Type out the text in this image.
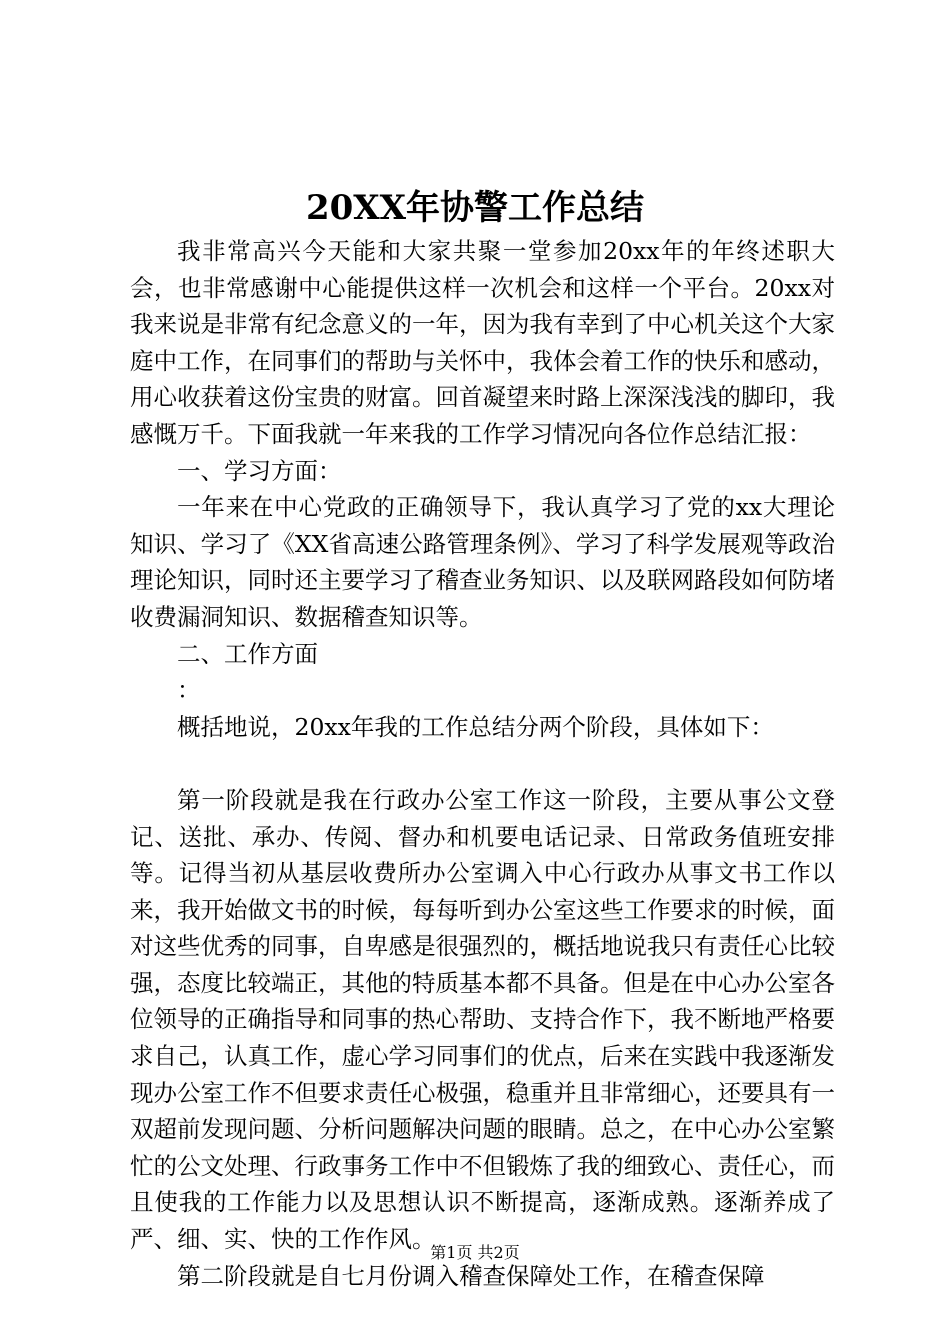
20XX年协警工作总结

我非常高兴今天能和大家共聚一堂参加20xx年的年终述职大会，也非常感谢中心能提供这样一次机会和这样一个平台。20xx对我来说是非常有纪念意义的一年，因为我有幸到了中心机关这个大家庭中工作，在同事们的帮助与关怀中，我体会着工作的快乐和感动，用心收获着这份宝贵的财富。回首凝望来时路上深深浅浅的脚印，我感慨万千。下面我就一年来我的工作学习情况向各位作总结汇报：

一、学习方面：

一年来在中心党政的正确领导下，我认真学习了党的xx大理论知识、学习了《XX省高速公路管理条例》、学习了科学发展观等政治理论知识，同时还主要学习了稽查业务知识、以及联网路段如何防堵收费漏洞知识、数据稽查知识等。

二、工作方面

：

概括地说，20xx年我的工作总结分两个阶段，具体如下：

第一阶段就是我在行政办公室工作这一阶段，主要从事公文登记、送批、承办、传阅、督办和机要电话记录、日常政务值班安排等。记得当初从基层收费所办公室调入中心行政办从事文书工作以来，我开始做文书的时候，每每听到办公室这些工作要求的时候，面对这些优秀的同事，自卑感是很强烈的，概括地说我只有责任心比较强，态度比较端正，其他的特质基本都不具备。但是在中心办公室各位领导的正确指导和同事的热心帮助、支持合作下，我不断地严格要求自己，认真工作，虚心学习同事们的优点，后来在实践中我逐渐发现办公室工作不但要求责任心极强，稳重并且非常细心，还要具有一双超前发现问题、分析问题解决问题的眼睛。总之，在中心办公室繁忙的公文处理、行政事务工作中不但锻炼了我的细致心、责任心，而且使我的工作能力以及思想认识不断提高，逐渐成熟。逐渐养成了严、细、实、快的工作作风。

第二阶段就是自七月份调入稽查保障处工作，在稽查保障

第1页 共2页
